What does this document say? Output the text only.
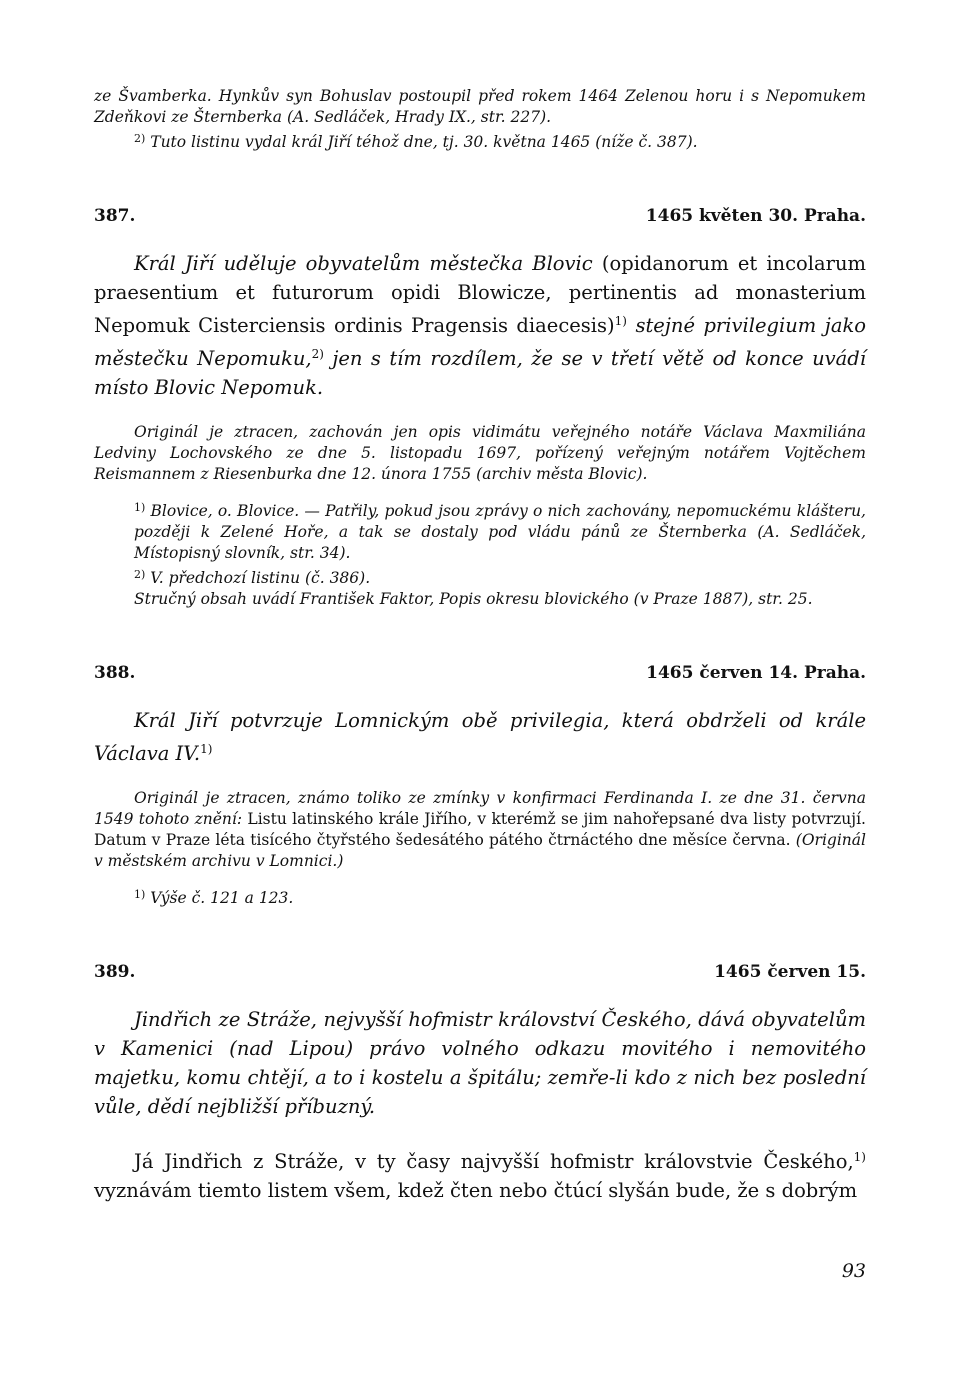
ze Švamberka. Hynkův syn Bohuslav postoupil před rokem 1464 Zelenou horu i s Nepomukem Zdeňkovi ze Šternberka (A. Sedláček, Hrady IX., str. 227).

$^{2)}$ Tuto listinu vydal král Jiří téhož dne, tj. 30. května 1465 (níže č. 387).

387.	1465 květen 30. Praha.

Král Jiří uděluje obyvatelům městečka Blovic (opidanorum et incolarum praesentium et futurorum opidi Blowicze, pertinentis ad monasterium Nepomuk Cisterciensis ordinis Pragensis diaecesis)$^{1)}$ stejné privilegium jako městečku Nepomuku,$^{2)}$ jen s tím rozdílem, že se v třetí větě od konce uvádí místo Blovic Nepomuk.

Originál je ztracen, zachován jen opis vidimátu veřejného notáře Václava Maxmiliána Ledviny Lochovského ze dne 5. listopadu 1697, pořízený veřejným notářem Vojtěchem Reismannem z Riesenburka dne 12. února 1755 (archiv města Blovic).

$^{1)}$ Blovice, o. Blovice. — Patřily, pokud jsou zprávy o nich zachovány, nepomuckému klášteru, později k Zelené Hoře, a tak se dostaly pod vládu pánů ze Šternberka (A. Sedláček, Místopisný slovník, str. 34).

$^{2)}$ V. předchozí listinu (č. 386).

Stručný obsah uvádí František Faktor, Popis okresu blovického (v Praze 1887), str. 25.

388.	1465 červen 14. Praha.

Král Jiří potvrzuje Lomnickým obě privilegia, která obdrželi od krále Václava IV.$^{1)}$

Originál je ztracen, známo toliko ze zmínky v konfirmaci Ferdinanda I. ze dne 31. června 1549 tohoto znění: Listu latinského krále Jiřího, v kterémž se jim nahořepsané dva listy potvrzují. Datum v Praze léta tisícého čtyřstého šedesátého pátého čtrnáctého dne měsíce června. (Originál v městském archivu v Lomnici.)

$^{1)}$ Výše č. 121 a 123.

389.	1465 červen 15.

Jindřich ze Stráže, nejvyšší hofmistr království Českého, dává obyvatelům v Kamenici (nad Lipou) právo volného odkazu movitého i nemovitého majetku, komu chtějí, a to i kostelu a špitálu; zemře-li kdo z nich bez poslední vůle, dědí nejbližší příbuzný.

Já Jindřich z Stráže, v ty časy najvyšší hofmistr královstvie Českého,$^{1)}$ vyznávám tiemto listem všem, kdež čten nebo čtúcí slyšán bude, že s dobrým

93
